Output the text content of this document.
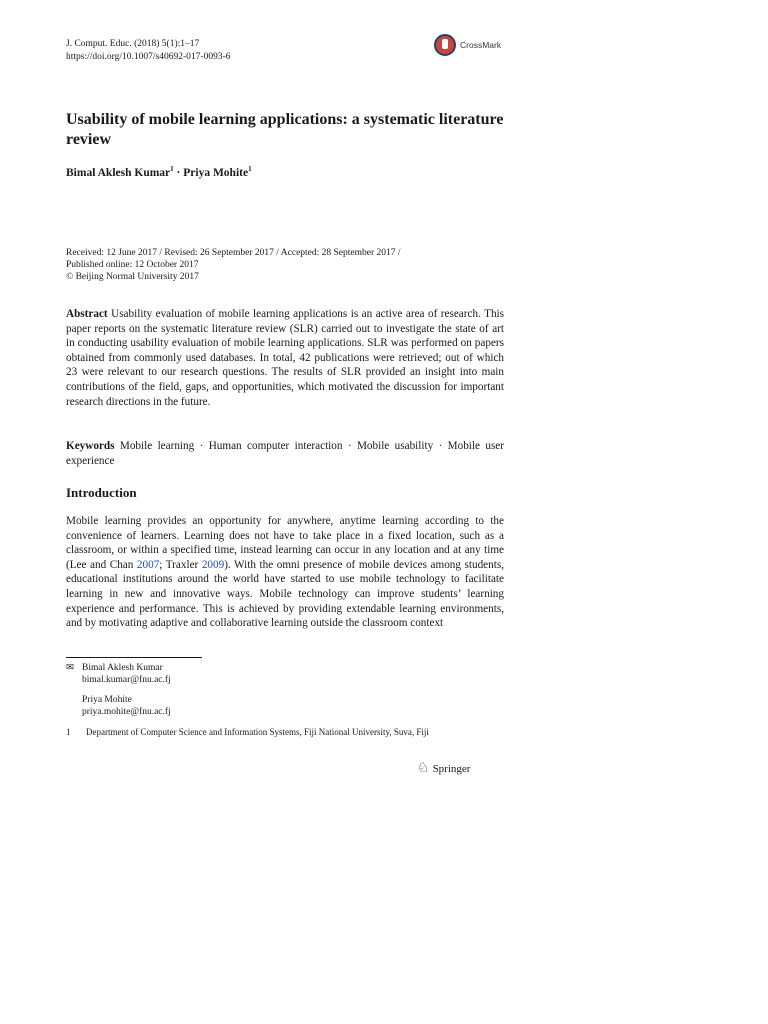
J. Comput. Educ. (2018) 5(1):1–17
https://doi.org/10.1007/s40692-017-0093-6
CrossMark
Usability of mobile learning applications: a systematic literature review
Bimal Aklesh Kumar$^1$ · Priya Mohite$^1$
Received: 12 June 2017 / Revised: 26 September 2017 / Accepted: 28 September 2017 /
Published online: 12 October 2017
© Beijing Normal University 2017
Abstract Usability evaluation of mobile learning applications is an active area of research. This paper reports on the systematic literature review (SLR) carried out to investigate the state of art in conducting usability evaluation of mobile learning applications. SLR was performed on papers obtained from commonly used databases. In total, 42 publications were retrieved; out of which 23 were relevant to our research questions. The results of SLR provided an insight into main contributions of the field, gaps, and opportunities, which motivated the discussion for important research directions in the future.
Keywords Mobile learning · Human computer interaction · Mobile usability · Mobile user experience
Introduction
Mobile learning provides an opportunity for anywhere, anytime learning according to the convenience of learners. Learning does not have to take place in a fixed location, such as a classroom, or within a specified time, instead learning can occur in any location and at any time (Lee and Chan 2007; Traxler 2009). With the omni presence of mobile devices among students, educational institutions around the world have started to use mobile technology to facilitate learning in new and innovative ways. Mobile technology can improve students’ learning experience and performance. This is achieved by providing extendable learning environments, and by motivating adaptive and collaborative learning outside the classroom context
✉ Bimal Aklesh Kumar
bimal.kumar@fnu.ac.fj
Priya Mohite
priya.mohite@fnu.ac.fj
1 Department of Computer Science and Information Systems, Fiji National University, Suva, Fiji
♘ Springer
